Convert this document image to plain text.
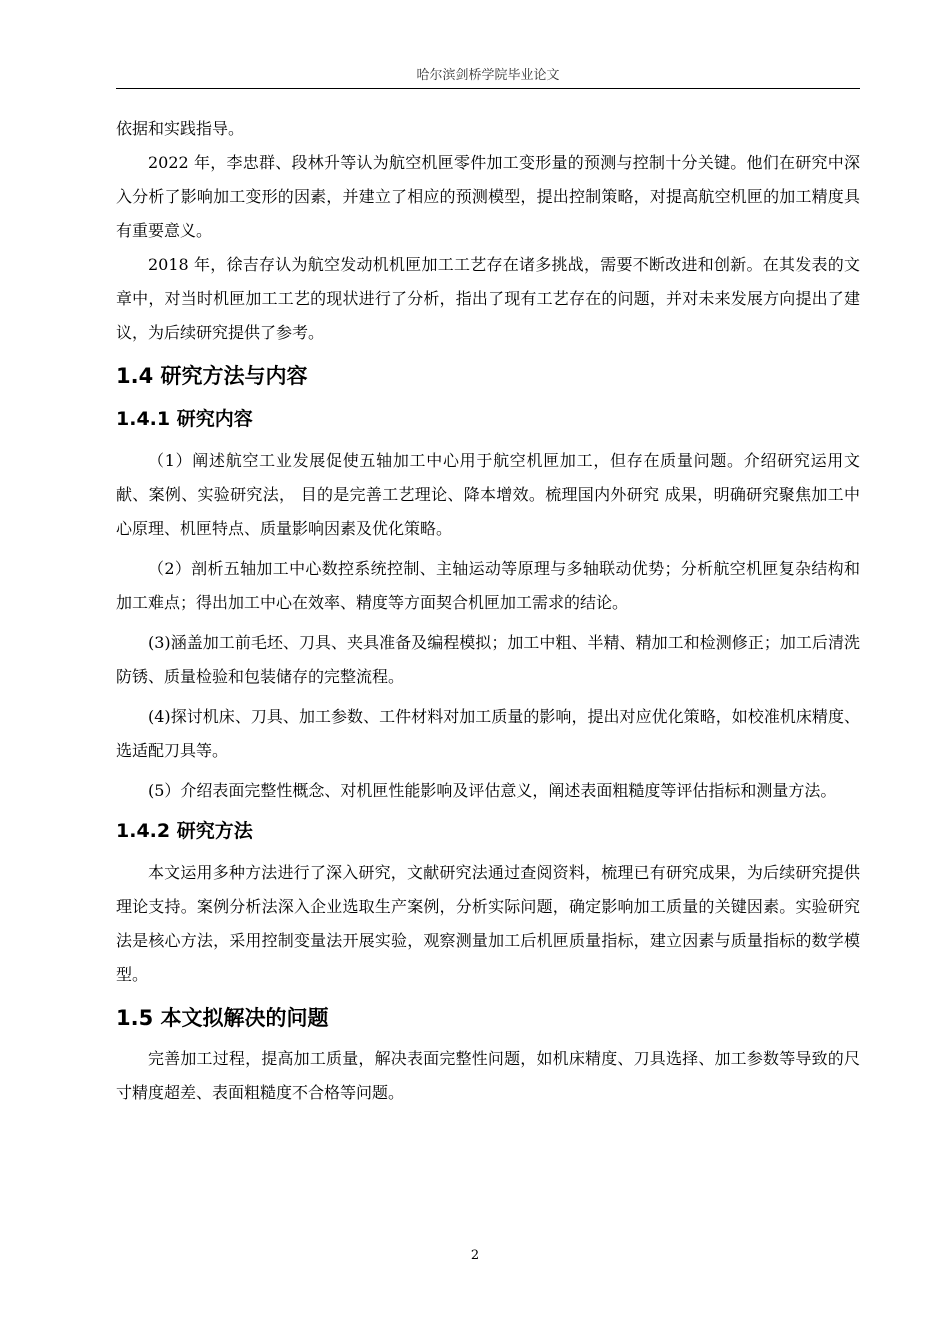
哈尔滨剑桥学院毕业论文

依据和实践指导。

2022 年，李忠群、段林升等认为航空机匣零件加工变形量的预测与控制十分关键。他们在研究中深入分析了影响加工变形的因素，并建立了相应的预测模型，提出控制策略，对提高航空机匣的加工精度具有重要意义。

2018 年，徐吉存认为航空发动机机匣加工工艺存在诸多挑战，需要不断改进和创新。在其发表的文章中，对当时机匣加工工艺的现状进行了分析，指出了现有工艺存在的问题，并对未来发展方向提出了建议，为后续研究提供了参考。

1.4 研究方法与内容
1.4.1 研究内容

（1）阐述航空工业发展促使五轴加工中心用于航空机匣加工，但存在质量问题。介绍研究运用文献、案例、实验研究法， 目的是完善工艺理论、降本增效。梳理国内外研究 成果，明确研究聚焦加工中心原理、机匣特点、质量影响因素及优化策略。

（2）剖析五轴加工中心数控系统控制、主轴运动等原理与多轴联动优势；分析航空机匣复杂结构和加工难点；得出加工中心在效率、精度等方面契合机匣加工需求的结论。

(3)涵盖加工前毛坯、刀具、夹具准备及编程模拟；加工中粗、半精、精加工和检测修正；加工后清洗防锈、质量检验和包装储存的完整流程。

(4)探讨机床、刀具、加工参数、工件材料对加工质量的影响，提出对应优化策略，如校准机床精度、选适配刀具等。

(5）介绍表面完整性概念、对机匣性能影响及评估意义，阐述表面粗糙度等评估指标和测量方法。

1.4.2 研究方法

本文运用多种方法进行了深入研究，文献研究法通过查阅资料，梳理已有研究成果，为后续研究提供理论支持。案例分析法深入企业选取生产案例，分析实际问题，确定影响加工质量的关键因素。实验研究法是核心方法，采用控制变量法开展实验，观察测量加工后机匣质量指标，建立因素与质量指标的数学模型。

1.5 本文拟解决的问题

完善加工过程，提高加工质量，解决表面完整性问题，如机床精度、刀具选择、加工参数等导致的尺寸精度超差、表面粗糙度不合格等问题。

2
